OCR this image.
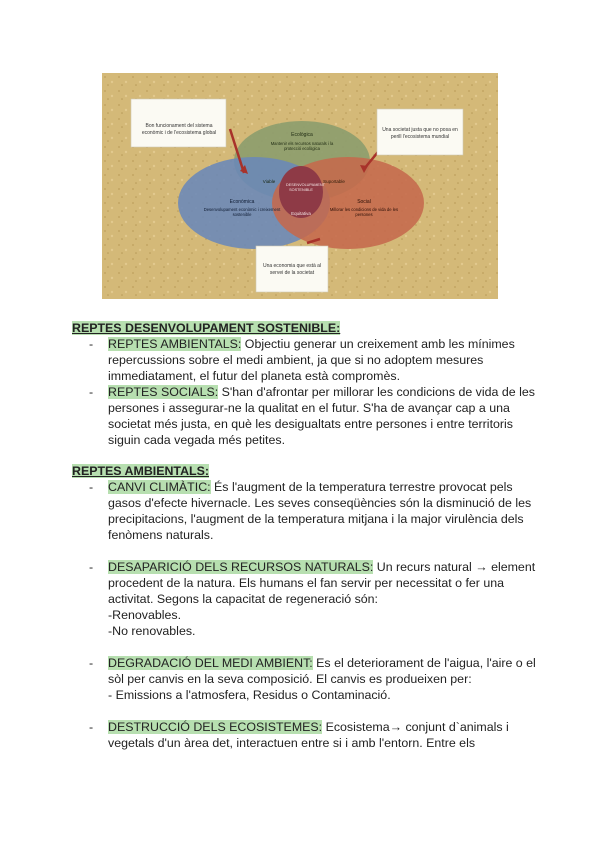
Ecològica
Mantenir els recursos naturals i la protecció ecològica
Viable	Suportable
DESENVOLUPAMENT SOSTENIBLE
Equitativa
Econòmica
Desenvolupament econòmic i creixement sostenible
Social
Millorar les condicions de vida de les persones
Bon funcionament del sistema econòmic i de l'ecosistema global	Una societat justa que no posa en perill l'ecosistema mundial
Una economia que està al servei de la societat

REPTES DESENVOLUPAMENT SOSTENIBLE:

- REPTES AMBIENTALS: Objectiu generar un creixement amb les mínimes repercussions sobre el medi ambient, ja que si no adoptem mesures immediatament, el futur del planeta està compromès.
- REPTES SOCIALS: S'han d'afrontar per millorar les condicions de vida de les persones i assegurar-ne la qualitat en el futur. S'ha de avançar cap a una societat més justa, en què les desigualtats entre persones i entre territoris siguin cada vegada més petites.

REPTES AMBIENTALS:

- CANVI CLIMÀTIC: És l'augment de la temperatura terrestre provocat pels gasos d'efecte hivernacle. Les seves conseqüències són la disminució de les precipitacions, l'augment de la temperatura mitjana i la major virulència dels fenòmens naturals.
- DESAPARICIÓ DELS RECURSOS NATURALS: Un recurs natural → element procedent de la natura. Els humans el fan servir per necessitat o fer una activitat. Segons la capacitat de regeneració són:

-Renovables.

-No renovables.

- DEGRADACIÓ DEL MEDI AMBIENT: Es el deteriorament de l'aigua, l'aire o el sòl per canvis en la seva composició. El canvis es produeixen per:

- Emissions a l'atmosfera, Residus o Contaminació.

- DESTRUCCIÓ DELS ECOSISTEMES: Ecosistema→ conjunt d`animals i vegetals d'un àrea det, interactuen entre si i amb l'entorn. Entre els
